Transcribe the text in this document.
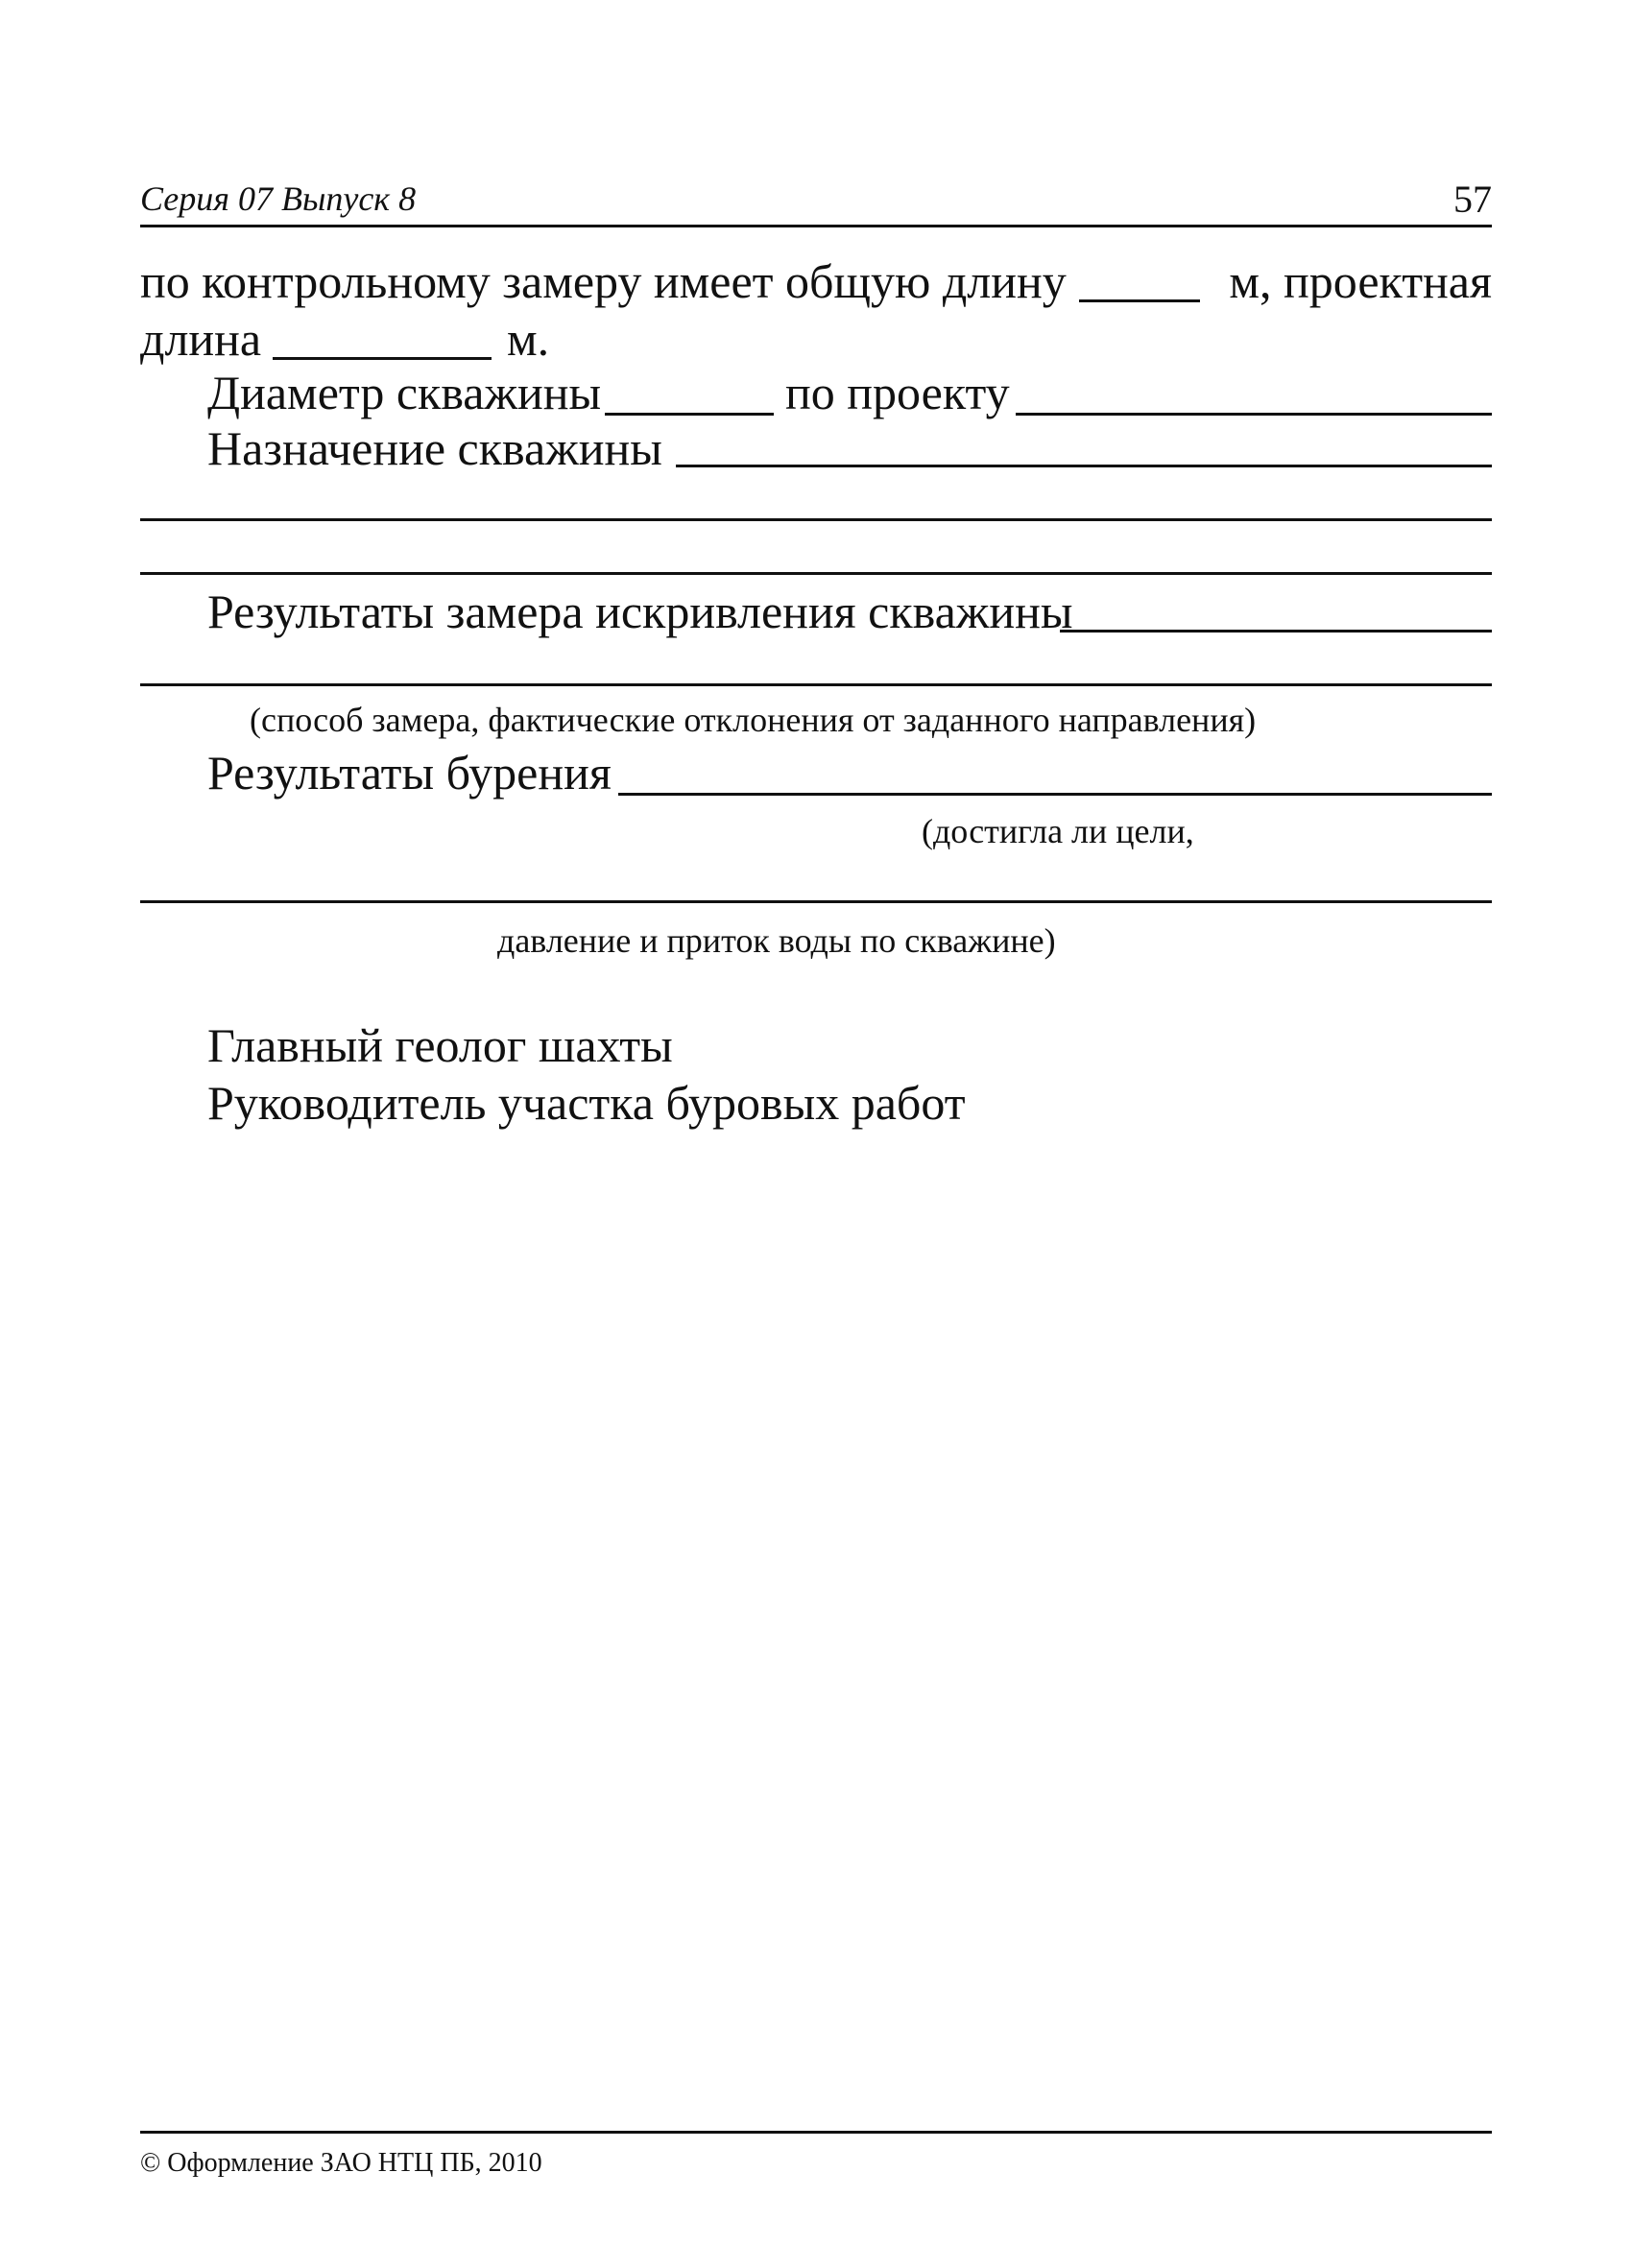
Серия 07 Выпуск 8	57
по контрольному замеру имеет общую длину	м, проектная
длина	м.
Диаметр скважины	по проекту
Назначение скважины
Результаты замера искривления скважины
(способ замера, фактические отклонения от заданного направления)
Результаты бурения
(достигла ли цели,
давление и приток воды по скважине)
Главный геолог шахты
Руководитель участка буровых работ
© Оформление ЗАО НТЦ ПБ, 2010
